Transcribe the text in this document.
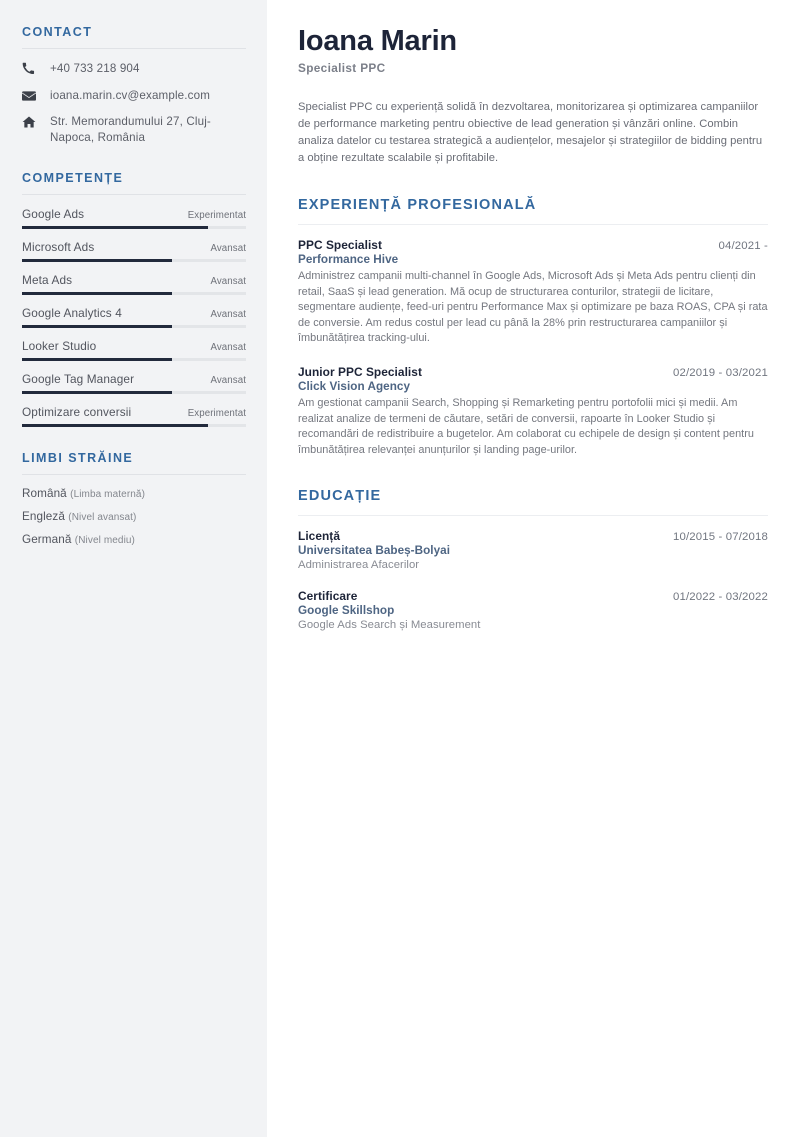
CONTACT
+40 733 218 904
ioana.marin.cv@example.com
Str. Memorandumului 27, Cluj-Napoca, România
COMPETENȚE
Google Ads	Experimentat
Microsoft Ads	Avansat
Meta Ads	Avansat
Google Analytics 4	Avansat
Looker Studio	Avansat
Google Tag Manager	Avansat
Optimizare conversii	Experimentat
LIMBI STRĂINE
Română (Limba maternă)
Engleză (Nivel avansat)
Germană (Nivel mediu)
Ioana Marin
Specialist PPC

Specialist PPC cu experiență solidă în dezvoltarea, monitorizarea și optimizarea campaniilor de performance marketing pentru obiective de lead generation și vânzări online. Combin analiza datelor cu testarea strategică a audiențelor, mesajelor și strategiilor de bidding pentru a obține rezultate scalabile și profitabile.

EXPERIENȚĂ PROFESIONALĂ
PPC Specialist	04/2021 -
Performance Hive
Administrez campanii multi-channel în Google Ads, Microsoft Ads și Meta Ads pentru clienți din retail, SaaS și lead generation. Mă ocup de structurarea conturilor, strategii de licitare, segmentare audiențe, feed-uri pentru Performance Max și optimizare pe baza ROAS, CPA și rata de conversie. Am redus costul per lead cu până la 28% prin restructurarea campaniilor și îmbunătățirea tracking-ului.
Junior PPC Specialist	02/2019 - 03/2021
Click Vision Agency
Am gestionat campanii Search, Shopping și Remarketing pentru portofolii mici și medii. Am realizat analize de termeni de căutare, setări de conversii, rapoarte în Looker Studio și recomandări de redistribuire a bugetelor. Am colaborat cu echipele de design și content pentru îmbunătățirea relevanței anunțurilor și landing page-urilor.
EDUCAȚIE
Licență	10/2015 - 07/2018
Universitatea Babeș-Bolyai
Administrarea Afacerilor
Certificare	01/2022 - 03/2022
Google Skillshop
Google Ads Search și Measurement
